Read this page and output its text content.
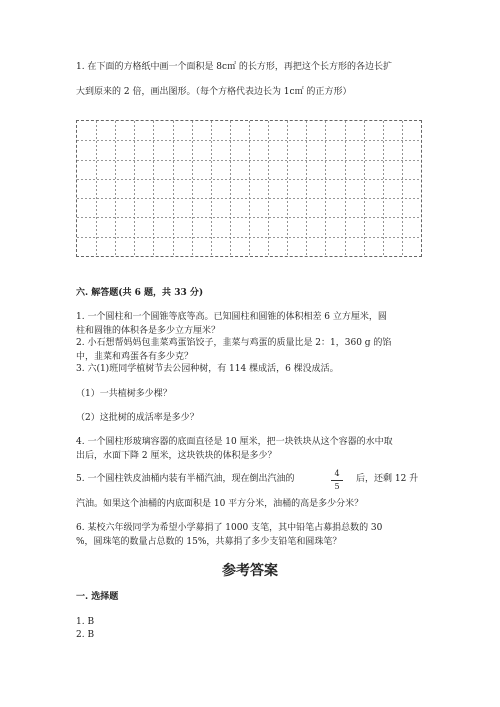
1. 在下面的方格纸中画一个面积是 8c㎡ 的长方形，再把这个长方形的各边长扩
大到原来的 2 倍，画出图形。（每个方格代表边长为 1c㎡ 的正方形）
六. 解答题(共 6 题，共 33 分)
1. 一个圆柱和一个圆锥等底等高。已知圆柱和圆锥的体积相差 6 立方厘米，圆
柱和圆锥的体积各是多少立方厘米？
2. 小石想帮妈妈包韭菜鸡蛋馅饺子，韭菜与鸡蛋的质量比是 2：1，360 g 的馅
中，韭菜和鸡蛋各有多少克？
3. 六(1)班同学植树节去公园种树，有 114 棵成活，6 棵没成活。
（1）一共植树多少棵？
（2）这批树的成活率是多少？
4. 一个圆柱形玻璃容器的底面直径是 10 厘米，把一块铁块从这个容器的水中取
出后，水面下降 2 厘米，这块铁块的体积是多少？
5. 一个圆柱铁皮油桶内装有半桶汽油，现在倒出汽油的
4
5
后，还剩 12 升
汽油。如果这个油桶的内底面积是 10 平方分米，油桶的高是多少分米？
6. 某校六年级同学为希望小学募捐了 1000 支笔，其中铅笔占募捐总数的 30
%，圆珠笔的数量占总数的 15%，共募捐了多少支铅笔和圆珠笔？
参考答案
一. 选择题
1. B
2. B
